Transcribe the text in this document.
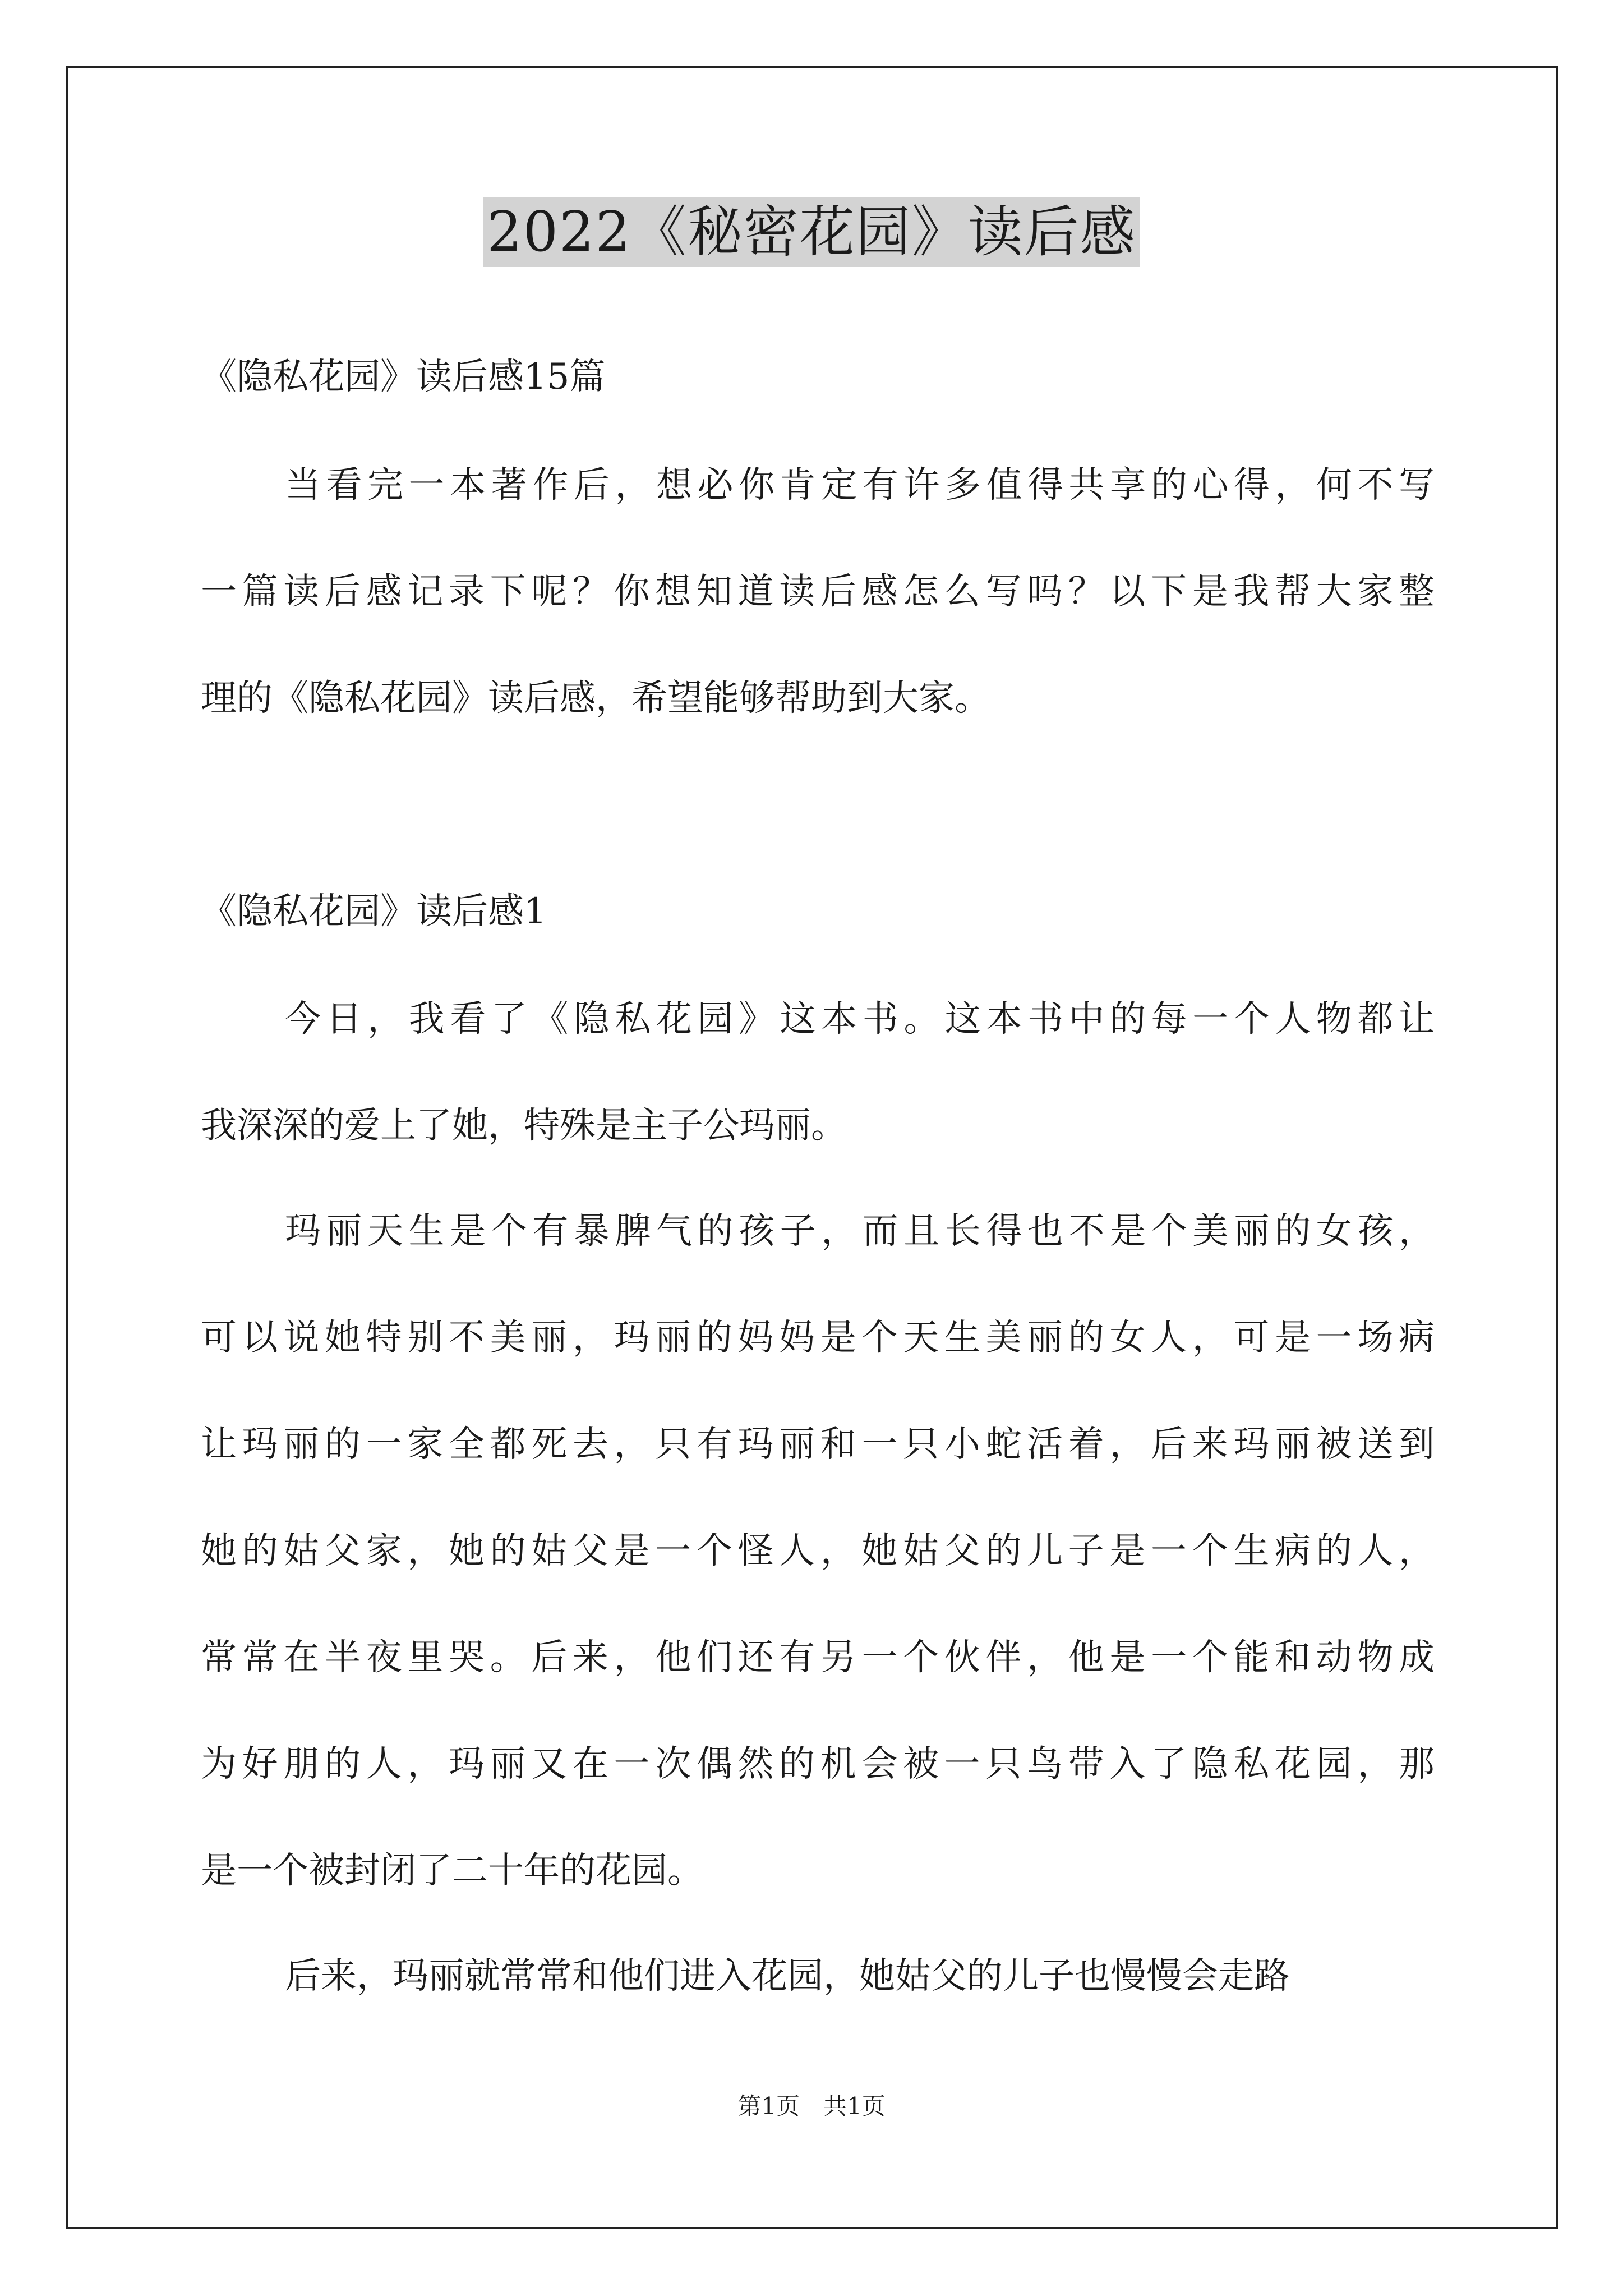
2022《秘密花园》读后感
《隐私花园》读后感15篇
当看完一本著作后，想必你肯定有许多值得共享的心得，何不写
一篇读后感记录下呢？你想知道读后感怎么写吗？以下是我帮大家整
理的《隐私花园》读后感，希望能够帮助到大家。
《隐私花园》读后感1
今日，我看了《隐私花园》这本书。这本书中的每一个人物都让
我深深的爱上了她，特殊是主子公玛丽。
玛丽天生是个有暴脾气的孩子，而且长得也不是个美丽的女孩，
可以说她特别不美丽，玛丽的妈妈是个天生美丽的女人，可是一场病
让玛丽的一家全都死去，只有玛丽和一只小蛇活着，后来玛丽被送到
她的姑父家，她的姑父是一个怪人，她姑父的儿子是一个生病的人，
常常在半夜里哭。后来，他们还有另一个伙伴，他是一个能和动物成
为好朋的人，玛丽又在一次偶然的机会被一只鸟带入了隐私花园，那
是一个被封闭了二十年的花园。
后来，玛丽就常常和他们进入花园，她姑父的儿子也慢慢会走路
第1页　共1页
